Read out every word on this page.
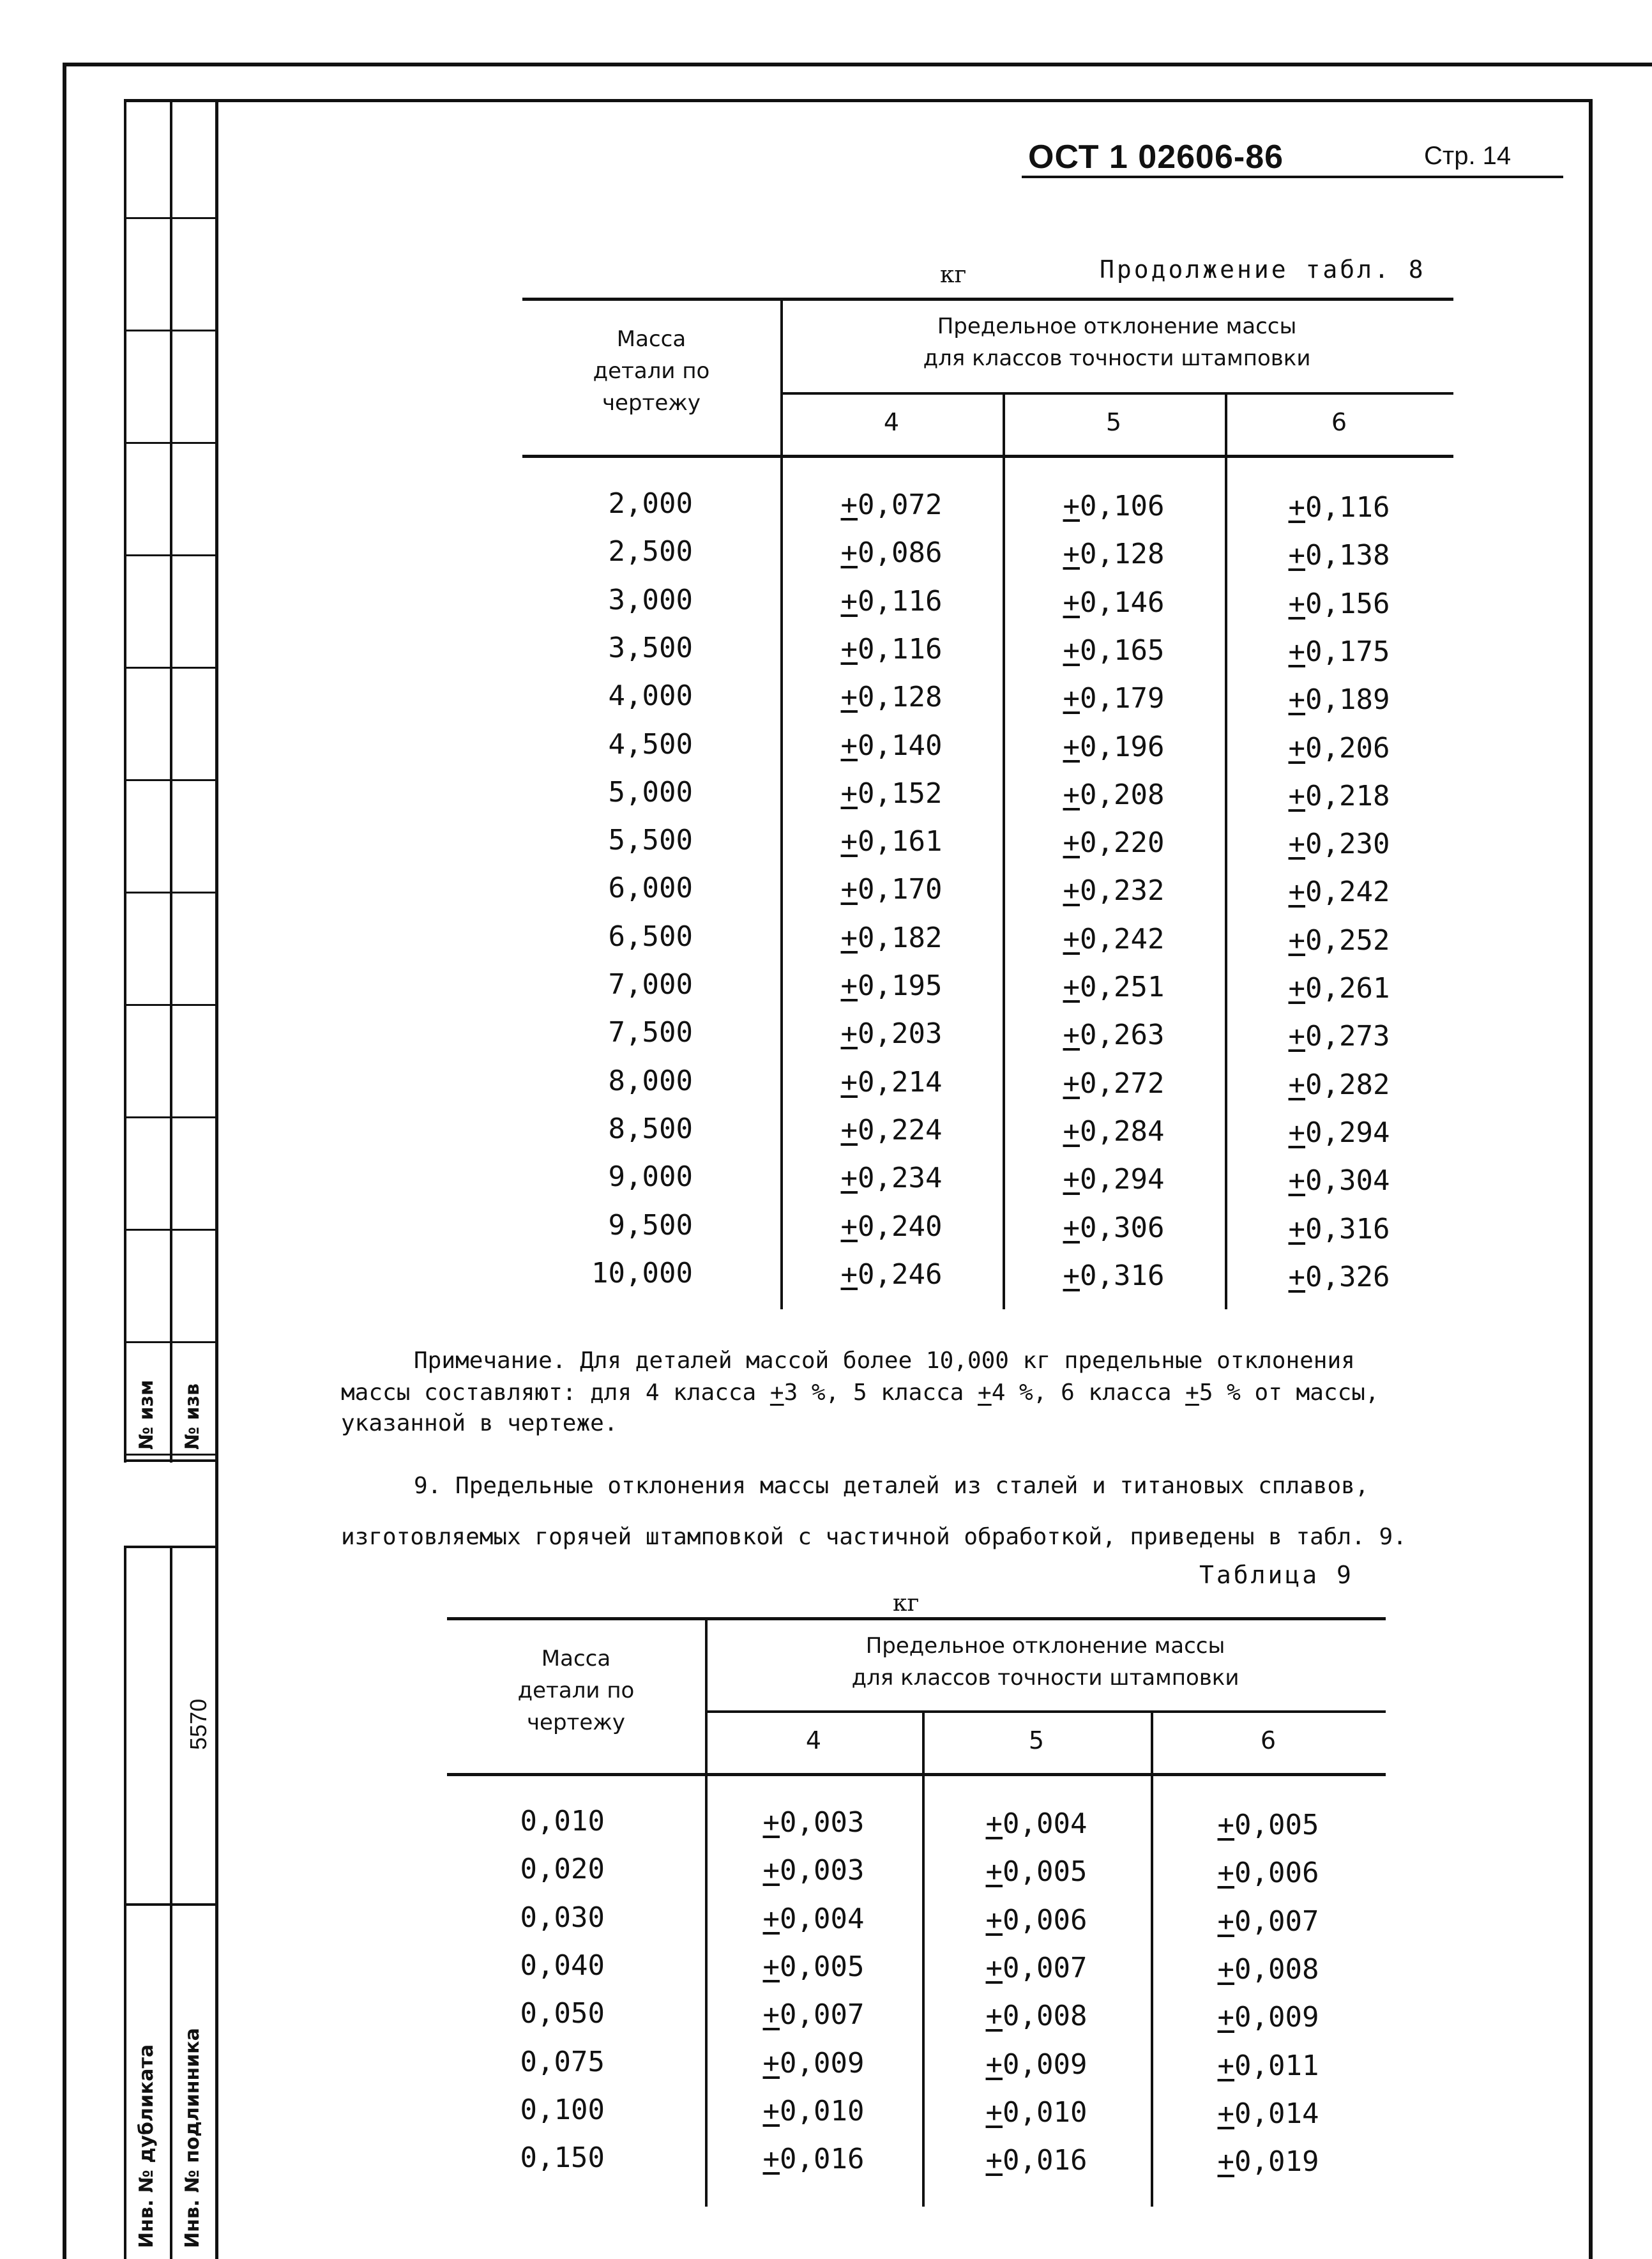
№ изм № изв
Инв. № дубликата Инв. № подлинника
5570
ОСТ 1 02606-86	Стр. 14
кг	Продолжение табл. 8
Масса
детали по
чертежу
Предельное отклонение массы
для классов точности штамповки
4	5	6
2,000	+0,072	+0,106	+0,116
2,500	+0,086	+0,128	+0,138
3,000	+0,116	+0,146	+0,156
3,500	+0,116	+0,165	+0,175
4,000	+0,128	+0,179	+0,189
4,500	+0,140	+0,196	+0,206
5,000	+0,152	+0,208	+0,218
5,500	+0,161	+0,220	+0,230
6,000	+0,170	+0,232	+0,242
6,500	+0,182	+0,242	+0,252
7,000	+0,195	+0,251	+0,261
7,500	+0,203	+0,263	+0,273
8,000	+0,214	+0,272	+0,282
8,500	+0,224	+0,284	+0,294
9,000	+0,234	+0,294	+0,304
9,500	+0,240	+0,306	+0,316
10,000	+0,246	+0,316	+0,326
Примечание. Для деталей массой более 10,000 кг предельные отклонения
массы составляют: для 4 класса +3 %, 5 класса +4 %, 6 класса +5 % от массы,
указанной в чертеже.
9. Предельные отклонения массы деталей из сталей и титановых сплавов,
изготовляемых горячей штамповкой с частичной обработкой, приведены в табл. 9.
Таблица 9
кг
Масса
детали по
чертежу
Предельное отклонение массы
для классов точности штамповки
4	5	6
0,010	+0,003	+0,004	+0,005
0,020	+0,003	+0,005	+0,006
0,030	+0,004	+0,006	+0,007
0,040	+0,005	+0,007	+0,008
0,050	+0,007	+0,008	+0,009
0,075	+0,009	+0,009	+0,011
0,100	+0,010	+0,010	+0,014
0,150	+0,016	+0,016	+0,019
